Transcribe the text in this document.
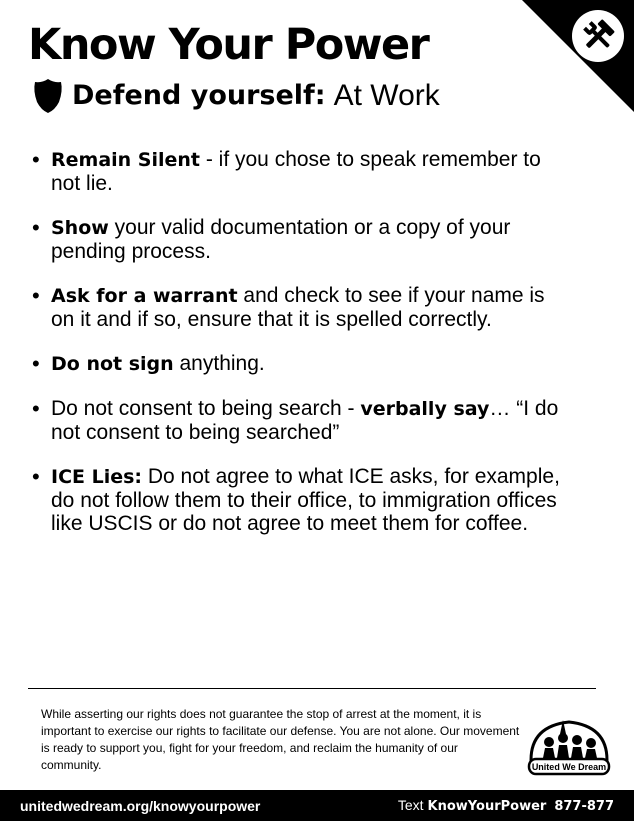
Know Your Power
Defend yourself: At Work
• Remain Silent - if you chose to speak remember to not lie.
• Show your valid documentation or a copy of your pending process.
• Ask for a warrant and check to see if your name is on it and if so, ensure that it is spelled correctly.
• Do not sign anything.
• Do not consent to being search - verbally say… “I do not consent to being searched”
• ICE Lies: Do not agree to what ICE asks, for example, do not follow them to their office, to immigration offices like USCIS or do not agree to meet them for coffee.

While asserting our rights does not guarantee the stop of arrest at the moment, it is important to exercise our rights to facilitate our defense. You are not alone. Our movement is ready to support you, fight for your freedom, and reclaim the humanity of our community.	United We Dream
unitedwedream.org/knowyourpower	Text KnowYourPower 877-877
